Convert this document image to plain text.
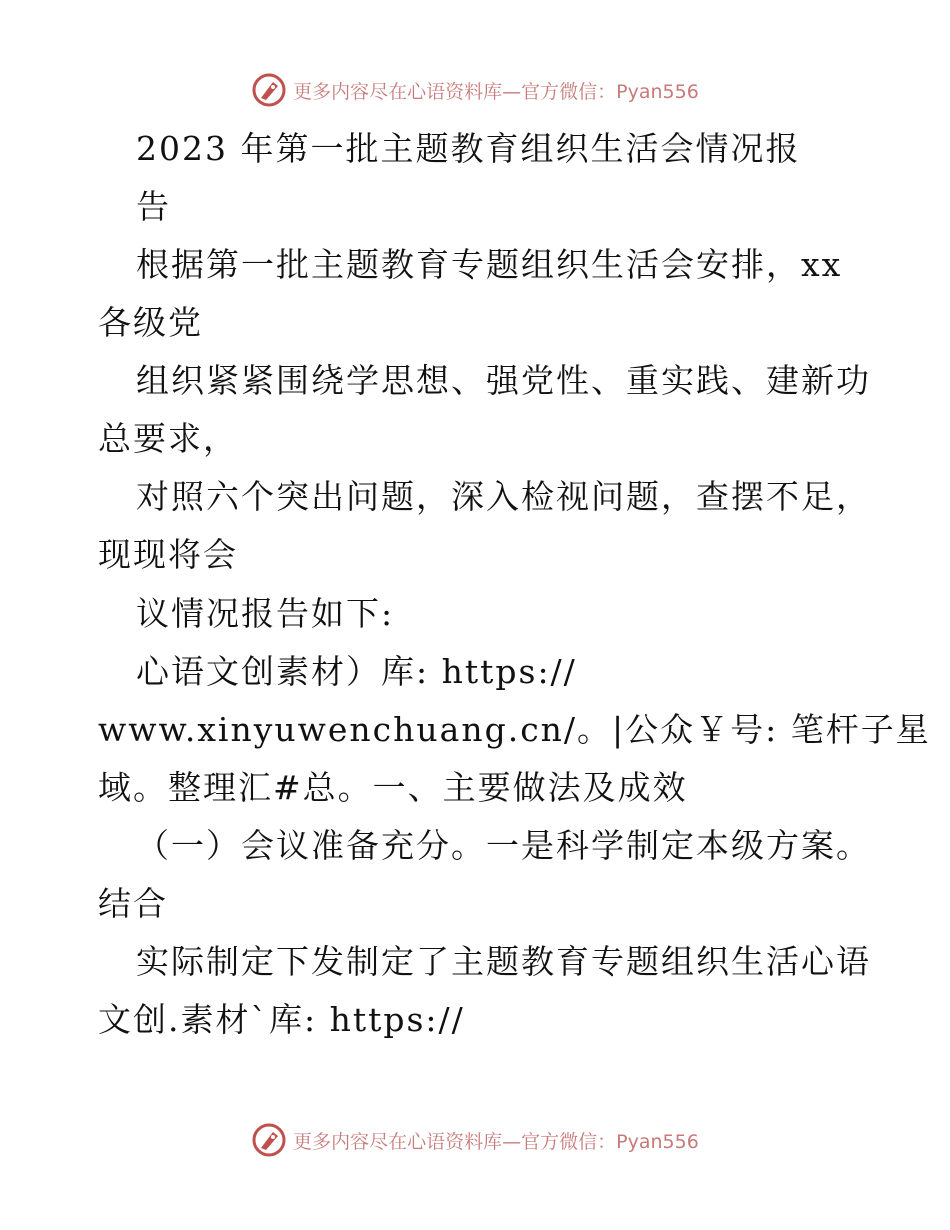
更多内容尽在心语资料库—官方微信：Pyan556
2023 年第一批主题教育组织生活会情况报
告
根据第一批主题教育专题组织生活会安排，xx
各级党
组织紧紧围绕学思想、强党性、重实践、建新功
总要求，
对照六个突出问题，深入检视问题，查摆不足，
现现将会
议情况报告如下:
心语文创素材）库: https://
www.xinyuwenchuang.cn/。|公众￥号: 笔杆子星
域。整理汇#总。一、主要做法及成效
（一）会议准备充分。一是科学制定本级方案。
结合
实际制定下发制定了主题教育专题组织生活心语
文创.素材`库: https://
更多内容尽在心语资料库—官方微信：Pyan556
